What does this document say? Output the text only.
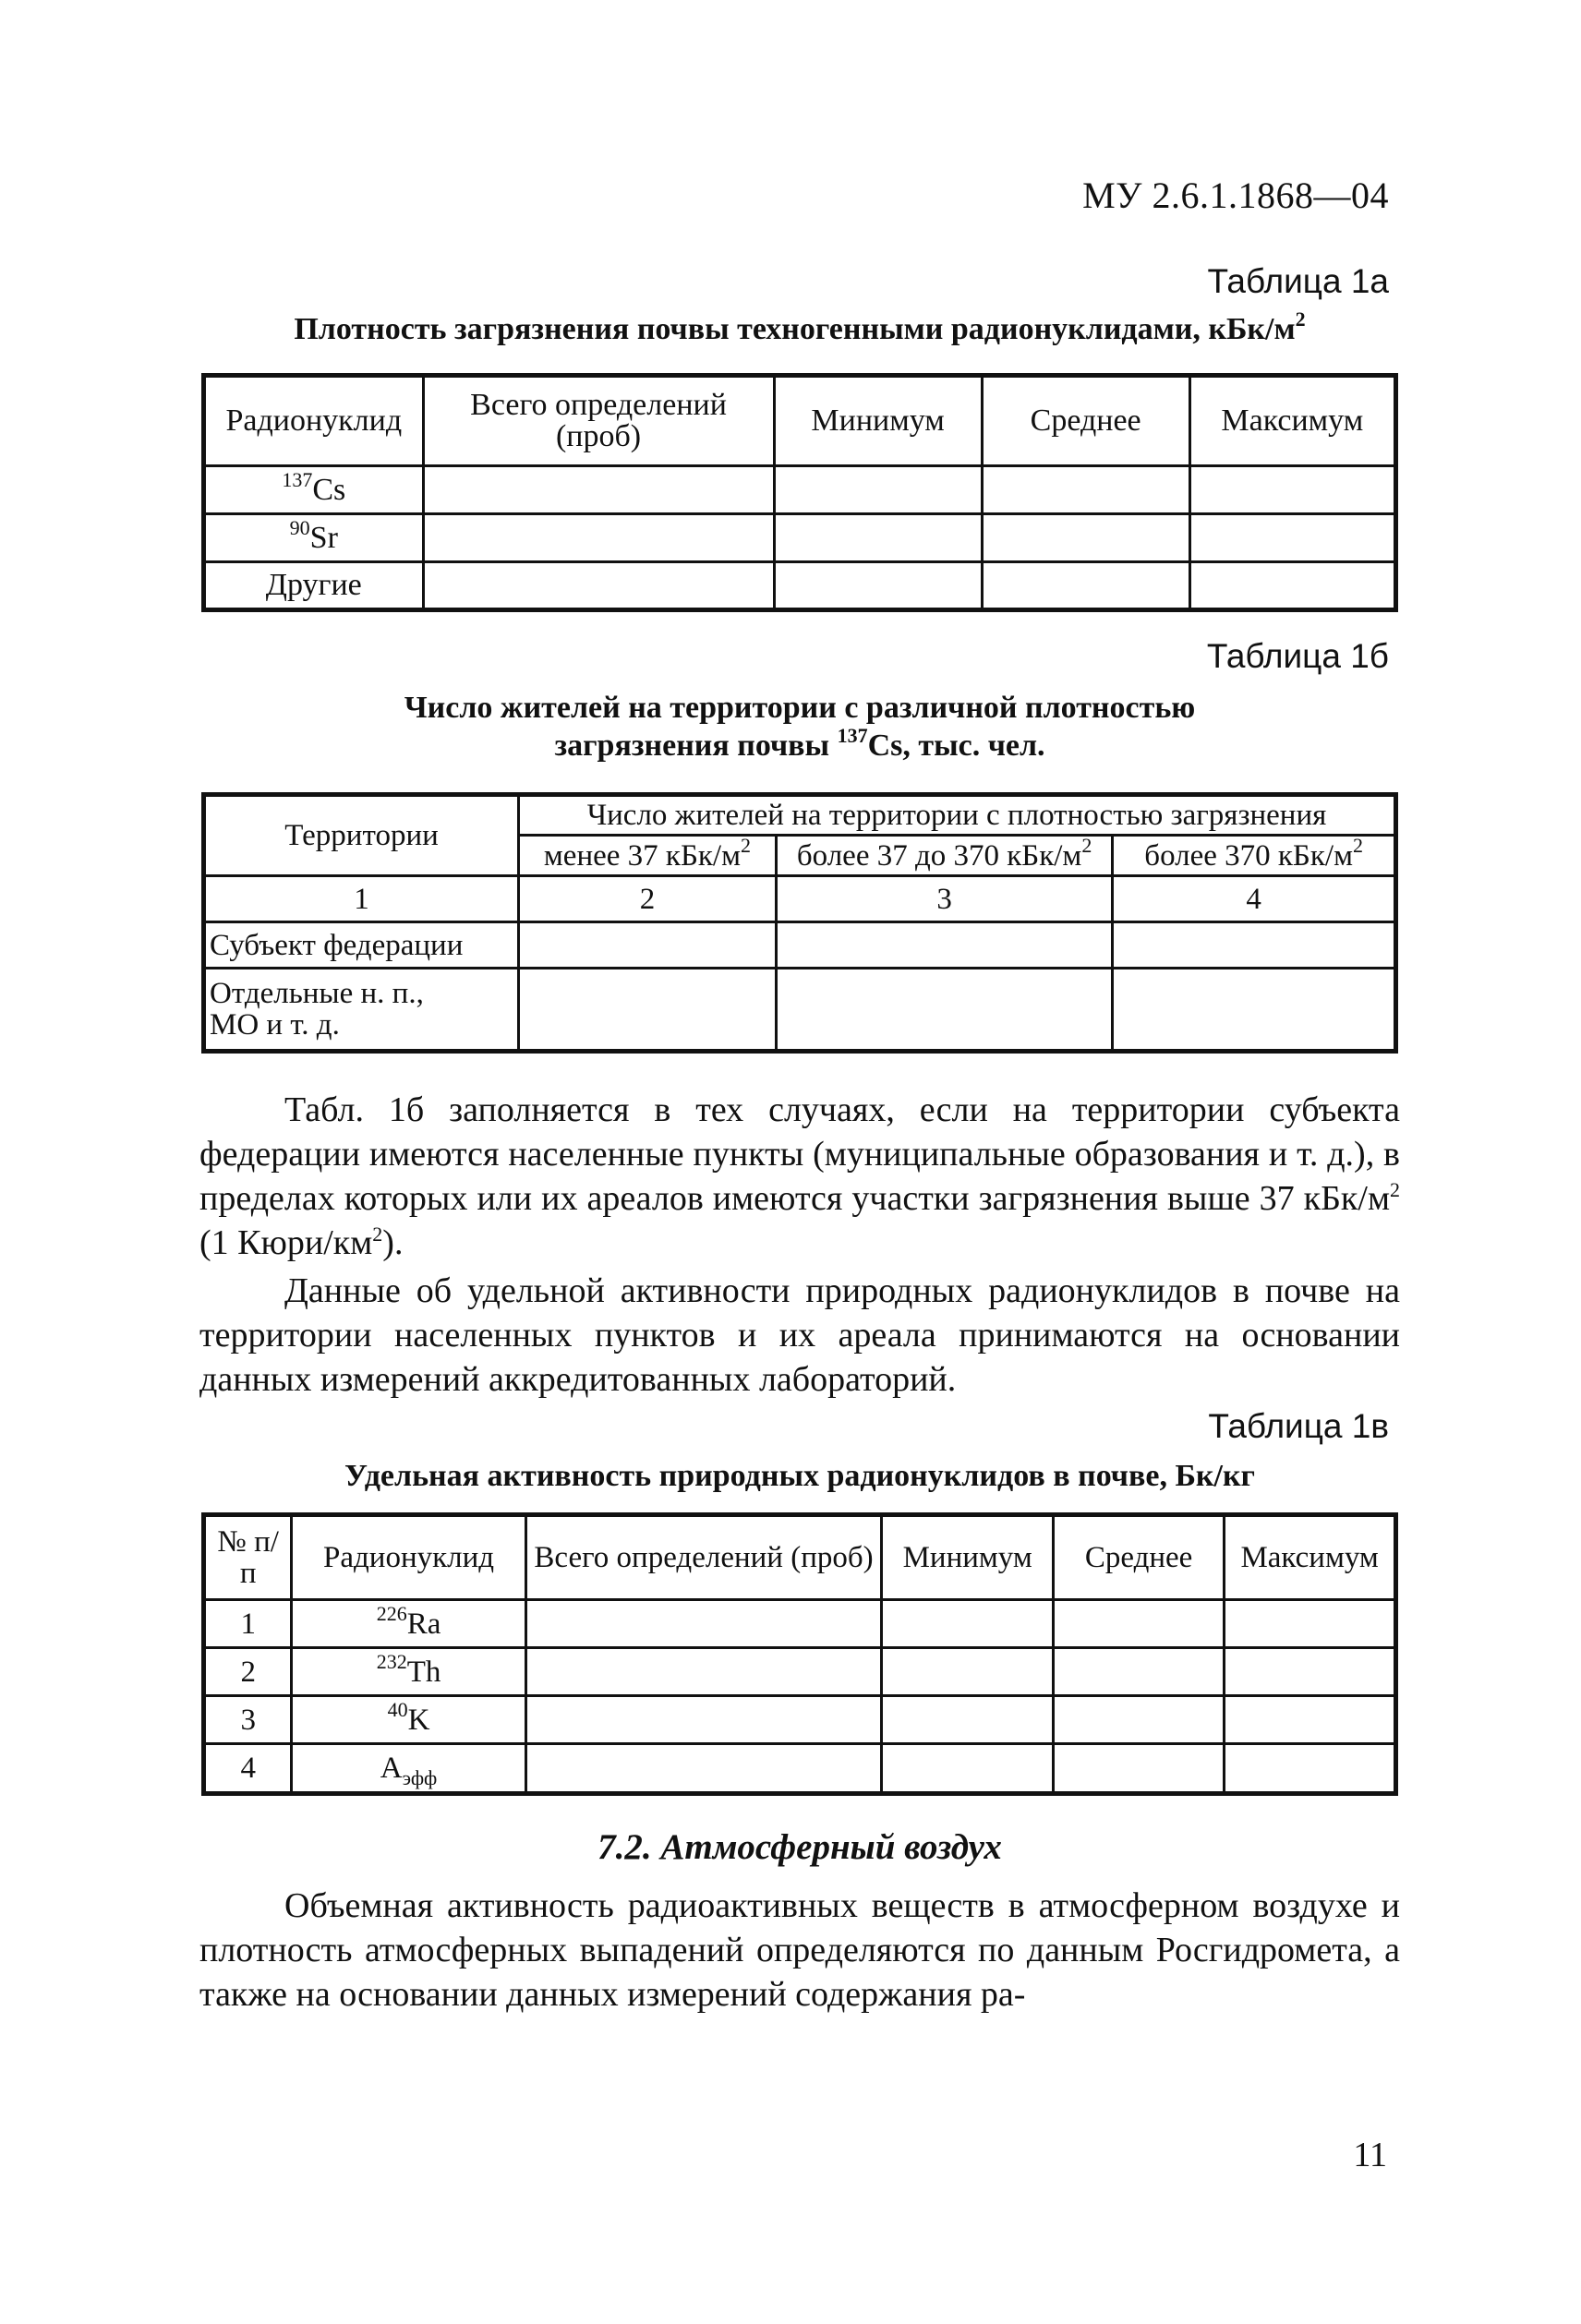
МУ 2.6.1.1868—04
Таблица 1а
Плотность загрязнения почвы техногенными радионуклидами, кБк/$м^2$
Радионуклид	Всего определений (проб)	Минимум	Среднее	Максимум
$^{137}$Cs				
$^{90}$Sr				
Другие				
Таблица 1б
Число жителей на территории с различной плотностью
загрязнения почвы $^{137}$Cs, тыс. чел.
Территории	Число жителей на территории с плотностью загрязнения		
	менее 37 кБк/$м^2$	более 37 до 370 кБк/$м^2$	более 370 кБк/$м^2$
1	2	3	4
Субъект федерации			

Отдельные н. п.,
МО и т. д.			

Табл. 1б заполняется в тех случаях, если на территории субъекта федерации имеются населенные пункты (муниципальные образования и т. д.), в пределах которых или их ареалов имеются участки загрязнения выше 37 кБк/$м^2$ (1 Кюри/$км^2$).

Данные об удельной активности природных радионуклидов в почве на территории населенных пунктов и их ареала принимаются на основании данных измерений аккредитованных лабораторий.

Таблица 1в
Удельная активность природных радионуклидов в почве, Бк/кг
№ п/п	Радионуклид	Всего определений (проб)	Минимум	Среднее	Максимум
1	$^{226}$Ra				
2	$^{232}$Th				
3	$^{40}$K				
4	$A_{эфф}$				
7.2. Атмосферный воздух

Объемная активность радиоактивных веществ в атмосферном воздухе и плотность атмосферных выпадений определяются по данным Росгидромета, а также на основании данных измерений содержания ра-

11
